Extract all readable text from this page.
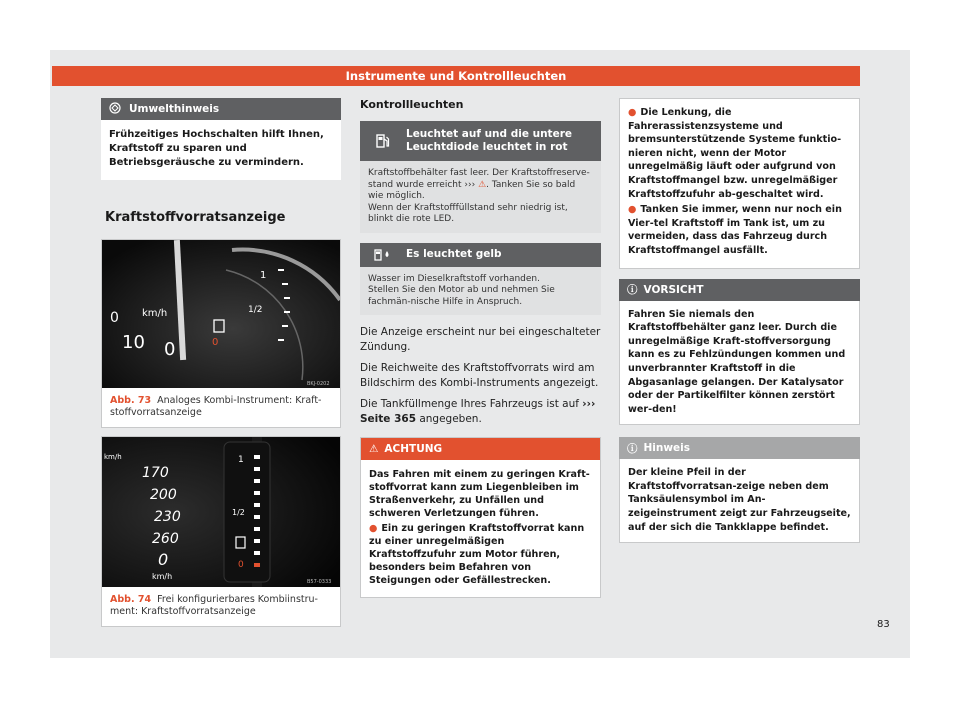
Instrumente und Kontrollleuchten
Umwelthinweis
Frühzeitiges Hochschalten hilft Ihnen, Kraftstoff zu sparen und Betriebsgeräusche zu vermindern.
Kraftstoffvorratsanzeige
0
10 0
km/h
1
1/2
0
BKJ-0202
Abb. 73 Analoges Kombi-Instrument: Kraft-stoffvorratsanzeige
170
200
230
260
0
km/h
km/h	1
1/2
0
B57-0333
Abb. 74 Frei konfigurierbares Kombiinstru-ment: Kraftstoffvorratsanzeige
Kontrollleuchten
Leuchtet auf und die untere Leuchtdiode leuchtet in rot
Kraftstoffbehälter fast leer. Der Kraftstoffreserve-stand wurde erreicht ››› ⚠. Tanken Sie so bald wie möglich.
Wenn der Kraftstofffüllstand sehr niedrig ist, blinkt die rote LED.
Es leuchtet gelb
Wasser im Dieselkraftstoff vorhanden.
Stellen Sie den Motor ab und nehmen Sie fachmän-nische Hilfe in Anspruch.

Die Anzeige erscheint nur bei eingeschalteter Zündung.

Die Reichweite des Kraftstoffvorrats wird am Bildschirm des Kombi-Instruments angezeigt.

Die Tankfüllmenge Ihres Fahrzeugs ist auf ››› Seite 365 angegeben.

⚠ ACHTUNG

Das Fahren mit einem zu geringen Kraft-stoffvorrat kann zum Liegenbleiben im Straßenverkehr, zu Unfällen und schweren Verletzungen führen.

● Ein zu geringen Kraftstoffvorrat kann zu einer unregelmäßigen Kraftstoffzufuhr zum Motor führen, besonders beim Befahren von Steigungen oder Gefällestrecken.

● Die Lenkung, die Fahrerassistenzsysteme und bremsunterstützende Systeme funktio-nieren nicht, wenn der Motor unregelmäßig läuft oder aufgrund von Kraftstoffmangel bzw. unregelmäßiger Kraftstoffzufuhr ab-geschaltet wird.

● Tanken Sie immer, wenn nur noch ein Vier-tel Kraftstoff im Tank ist, um zu vermeiden, dass das Fahrzeug durch Kraftstoffmangel ausfällt.

ⓘ VORSICHT
Fahren Sie niemals den Kraftstoffbehälter ganz leer. Durch die unregelmäßige Kraft-stoffversorgung kann es zu Fehlzündungen kommen und unverbrannter Kraftstoff in die Abgasanlage gelangen. Der Katalysator oder der Partikelfilter können zerstört wer-den!
ⓘ Hinweis
Der kleine Pfeil in der Kraftstoffvorratsan-zeige neben dem Tanksäulensymbol im An-zeigeinstrument zeigt zur Fahrzeugseite, auf der sich die Tankklappe befindet.
83
